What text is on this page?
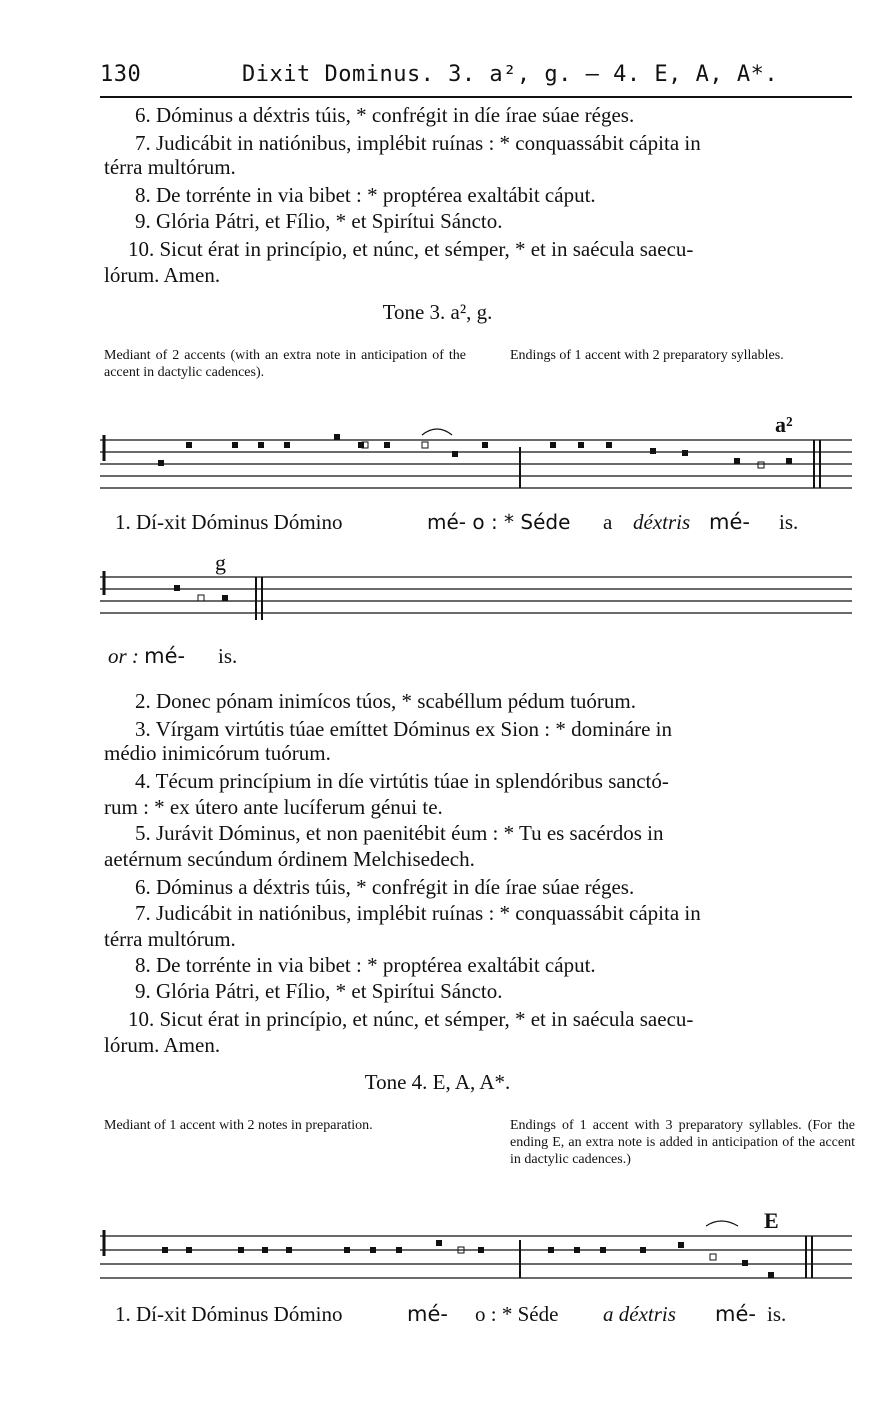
130	Dixit Dominus. 3. a², g. — 4. E, A, A*.
6. Dóminus a déxtris túis, * confrégit in díe írae súae réges.
7. Judicábit in natiónibus, implébit ruínas : * conquassábit cápita in
térra multórum.
8. De torrénte in via bibet : * proptérea exaltábit cáput.
9. Glória Pátri, et Fílio, * et Spirítui Sáncto.
10. Sicut érat in princípio, et núnc, et sémper, * et in saécula saecu-
lórum. Amen.
Tone 3. a², g.
Mediant of 2 accents (with an extra note in anticipation of the accent in dactylic cadences).
Endings of 1 accent with 2 preparatory syllables.
a²
1. Dí-xit Dóminus Dómino	mé- o : * Séde a déxtris mé- is.
g
or : mé- is.
2. Donec pónam inimícos túos, * scabéllum pédum tuórum.
3. Vírgam virtútis túae emíttet Dóminus ex Sion : * domináre in
médio inimicórum tuórum.
4. Técum princípium in díe virtútis túae in splendóribus sanctó-
rum : * ex útero ante lucíferum génui te.
5. Jurávit Dóminus, et non paenitébit éum : * Tu es sacérdos in
aetérnum secúndum órdinem Melchisedech.
6. Dóminus a déxtris túis, * confrégit in díe írae súae réges.
7. Judicábit in natiónibus, implébit ruínas : * conquassábit cápita in
térra multórum.
8. De torrénte in via bibet : * proptérea exaltábit cáput.
9. Glória Pátri, et Fílio, * et Spirítui Sáncto.
10. Sicut érat in princípio, et núnc, et sémper, * et in saécula saecu-
lórum. Amen.
Tone 4. E, A, A*.
Mediant of 1 accent with 2 notes in preparation.	Endings of 1 accent with 3 preparatory syllables. (For the ending E, an extra note is added in anticipation of the accent in dactylic cadences.)
E
1. Dí-xit Dóminus Dómino	mé- o : * Séde a déxtris mé- is.
